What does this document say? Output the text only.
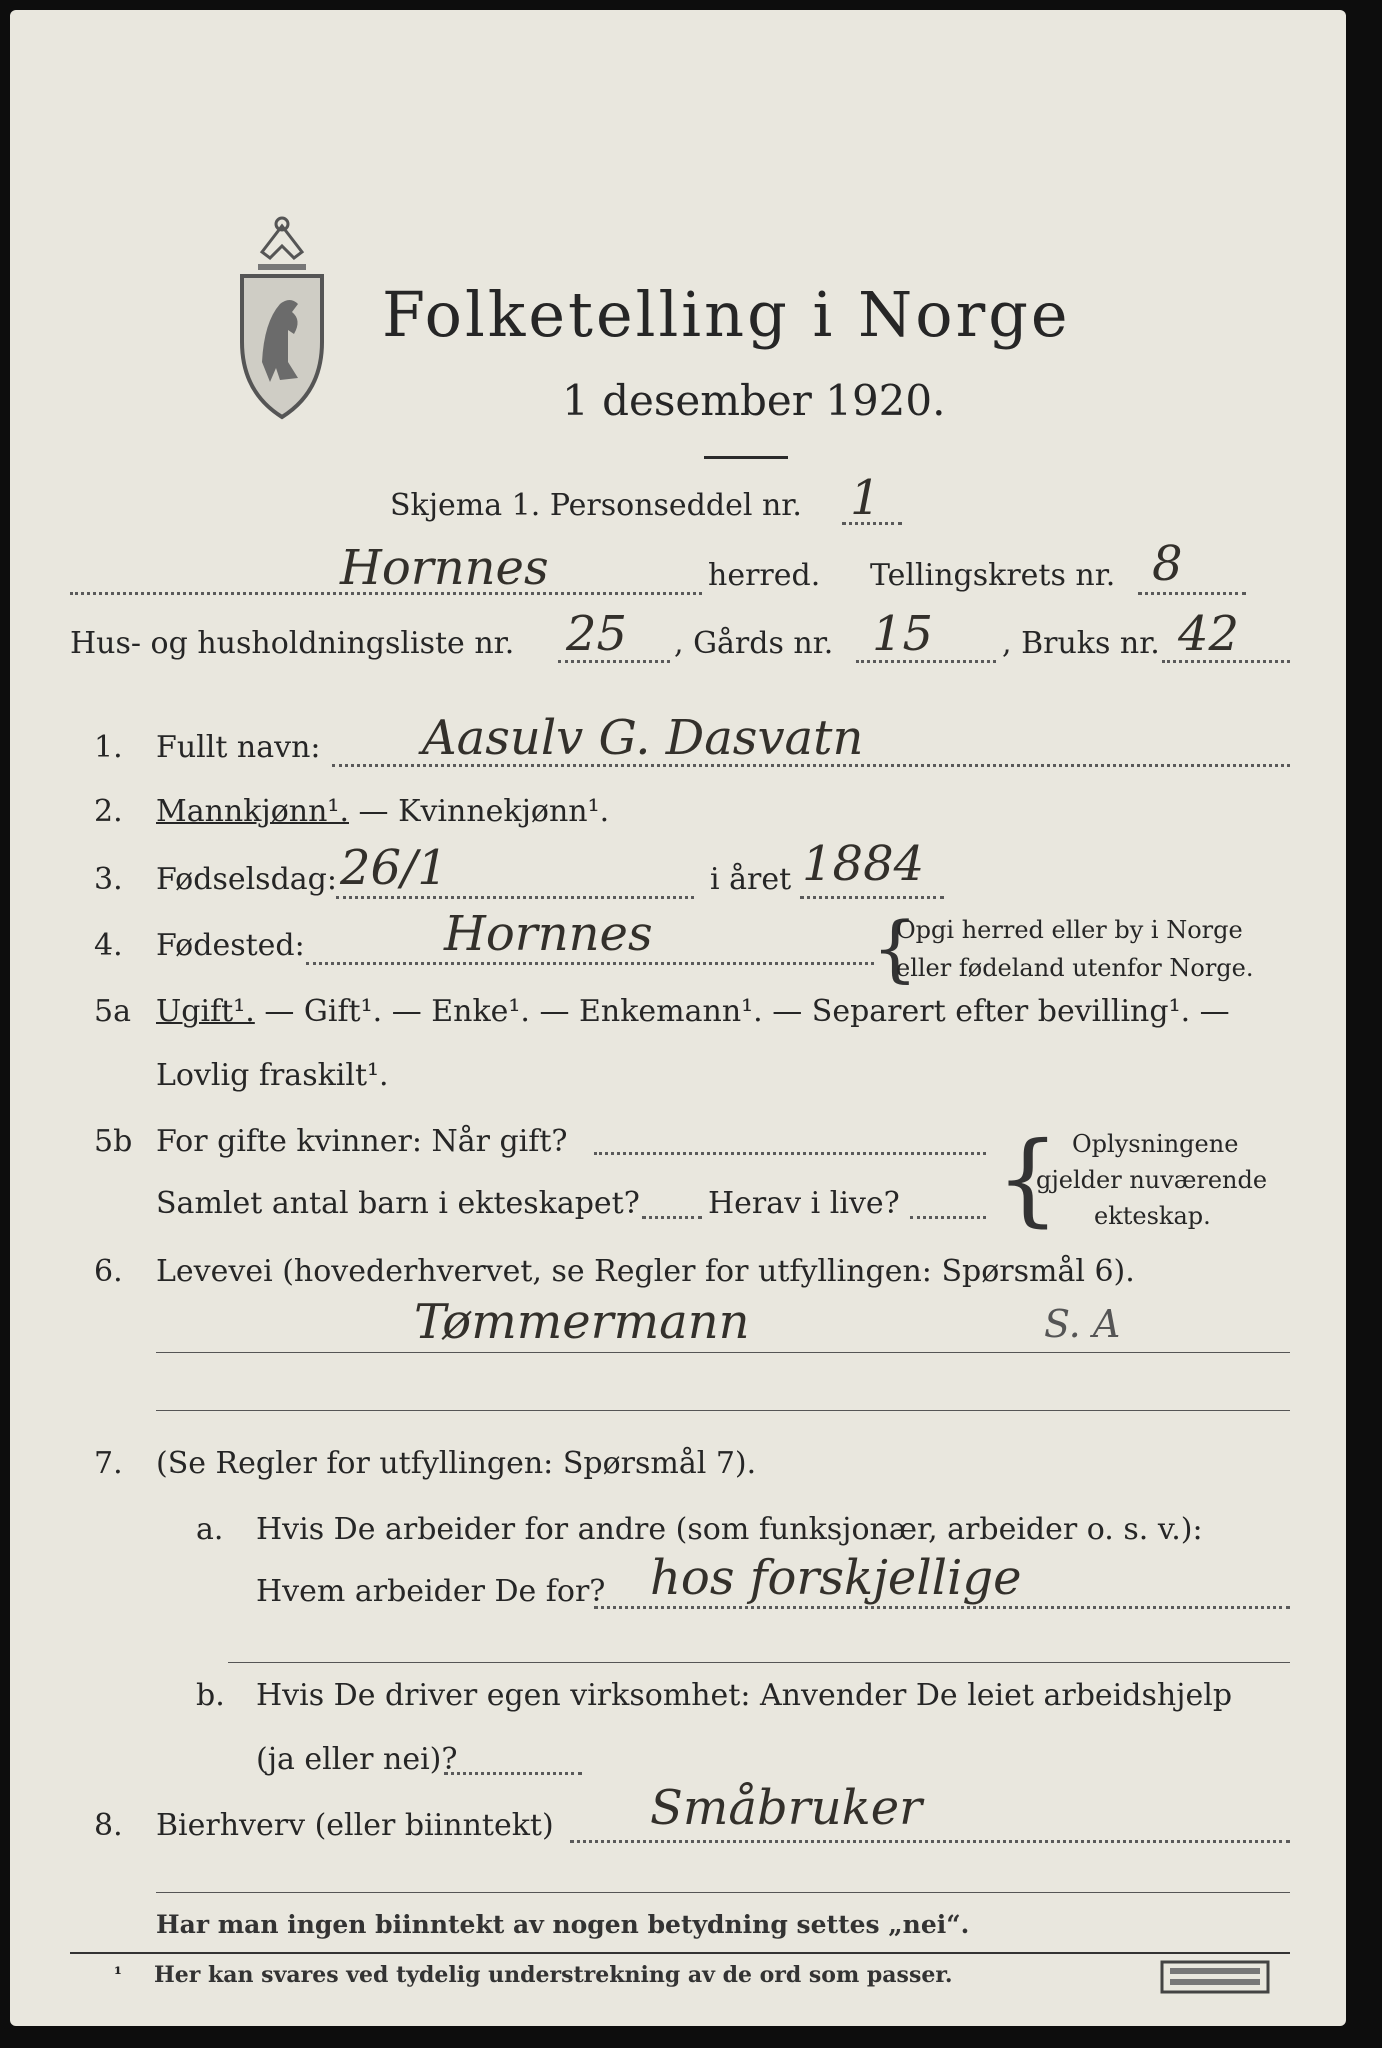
Folketelling i Norge
1 desember 1920.
Skjema 1. Personseddel nr. 1
Hornnes	herred. Tellingskrets nr. 8
Hus- og husholdningsliste nr. 25 , Gårds nr. 15 , Bruks nr. 42
1. Fullt navn: Aasulv G. Dasvatn
2. Mannkjønn¹. — Kvinnekjønn¹.
3. Fødselsdag: 26/1	i året 1884
4. Fødested:	Hornnes	{
Opgi herred eller by i Norge
eller fødeland utenfor Norge.
5a Ugift¹. — Gift¹. — Enke¹. — Enkemann¹. — Separert efter bevilling¹. —
Lovlig fraskilt¹.
5b For gifte kvinner: Når gift?
Samlet antal barn i ekteskapet? Herav i live? { Oplysningene
gjelder nuværende
ekteskap.
6. Levevei (hovederhvervet, se Regler for utfyllingen: Spørsmål 6).
Tømmermann	S. A
7. (Se Regler for utfyllingen: Spørsmål 7).
a. Hvis De arbeider for andre (som funksjonær, arbeider o. s. v.):
Hvem arbeider De for? hos forskjellige
b. Hvis De driver egen virksomhet: Anvender De leiet arbeidshjelp
(ja eller nei)?
8. Bierhverv (eller biinntekt) Småbruker
Har man ingen biinntekt av nogen betydning settes „nei“.
¹ Her kan svares ved tydelig understrekning av de ord som passer.
